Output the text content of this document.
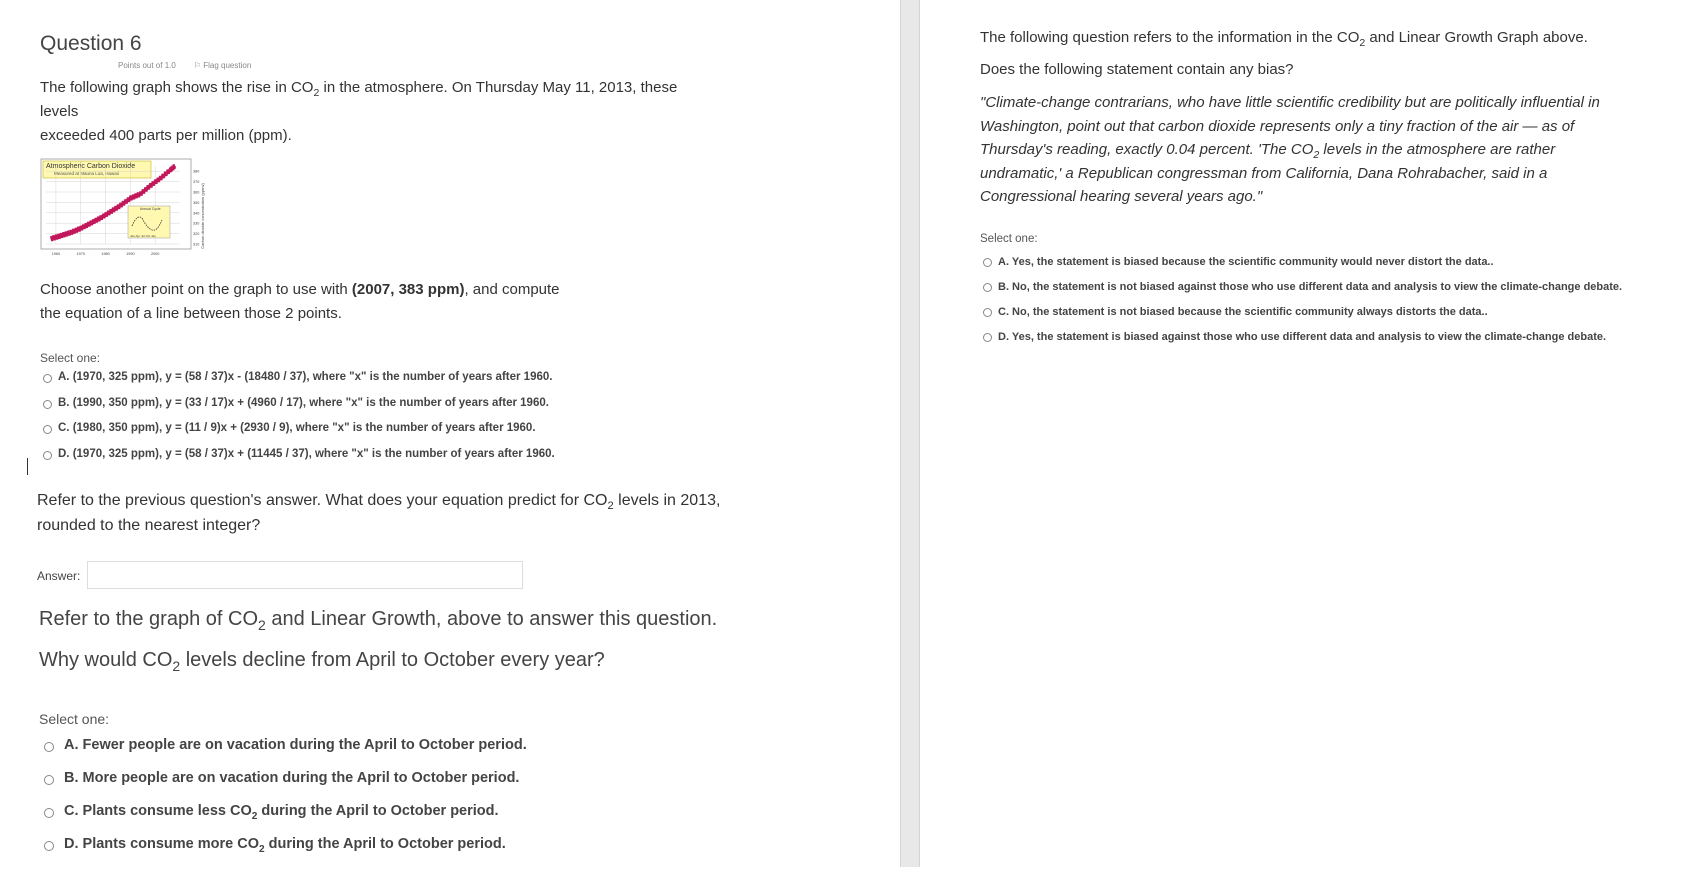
Question 6
Points out of 1.0 ⚐ Flag question

The following graph shows the rise in $CO_2$ in the atmosphere. On Thursday May 11, 2013, these levels
exceeded 400 parts per million (ppm).

Atmospheric Carbon Dioxide
Measured at Mauna Loa, Hawaii
310
320
330
340
350
360
370
380
1960	1970	1980	1990	2000
Annual Cycle
Jan Apr Jul Oct Jan	Carbon dioxide concentration (ppmv)

Choose another point on the graph to use with (2007, 383 ppm), and compute the equation of a line between those 2 points.

Select one:
A. (1970, 325 ppm), y = (58 / 37)x - (18480 / 37), where "x" is the number of years after 1960.
B. (1990, 350 ppm), y = (33 / 17)x + (4960 / 17), where "x" is the number of years after 1960.
C. (1980, 350 ppm), y = (11 / 9)x + (2930 / 9), where "x" is the number of years after 1960.
D. (1970, 325 ppm), y = (58 / 37)x + (11445 / 37), where "x" is the number of years after 1960.

Refer to the previous question's answer. What does your equation predict for $CO_2$ levels in 2013, rounded to the nearest integer?

Answer:

Refer to the graph of $CO_2$ and Linear Growth, above to answer this question.

Why would $CO_2$ levels decline from April to October every year?

Select one:
A. Fewer people are on vacation during the April to October period.
B. More people are on vacation during the April to October period.
C. Plants consume less $CO_2$ during the April to October period.
D. Plants consume more $CO_2$ during the April to October period.

The following question refers to the information in the $CO_2$ and Linear Growth Graph above.

Does the following statement contain any bias?

"Climate-change contrarians, who have little scientific credibility but are politically influential in Washington, point out that carbon dioxide represents only a tiny fraction of the air — as of Thursday's reading, exactly 0.04 percent. 'The $CO_2$ levels in the atmosphere are rather undramatic,' a Republican congressman from California, Dana Rohrabacher, said in a Congressional hearing several years ago."

Select one:
A. Yes, the statement is biased because the scientific community would never distort the data..
B. No, the statement is not biased against those who use different data and analysis to view the climate-change debate.
C. No, the statement is not biased because the scientific community always distorts the data..
D. Yes, the statement is biased against those who use different data and analysis to view the climate-change debate.
